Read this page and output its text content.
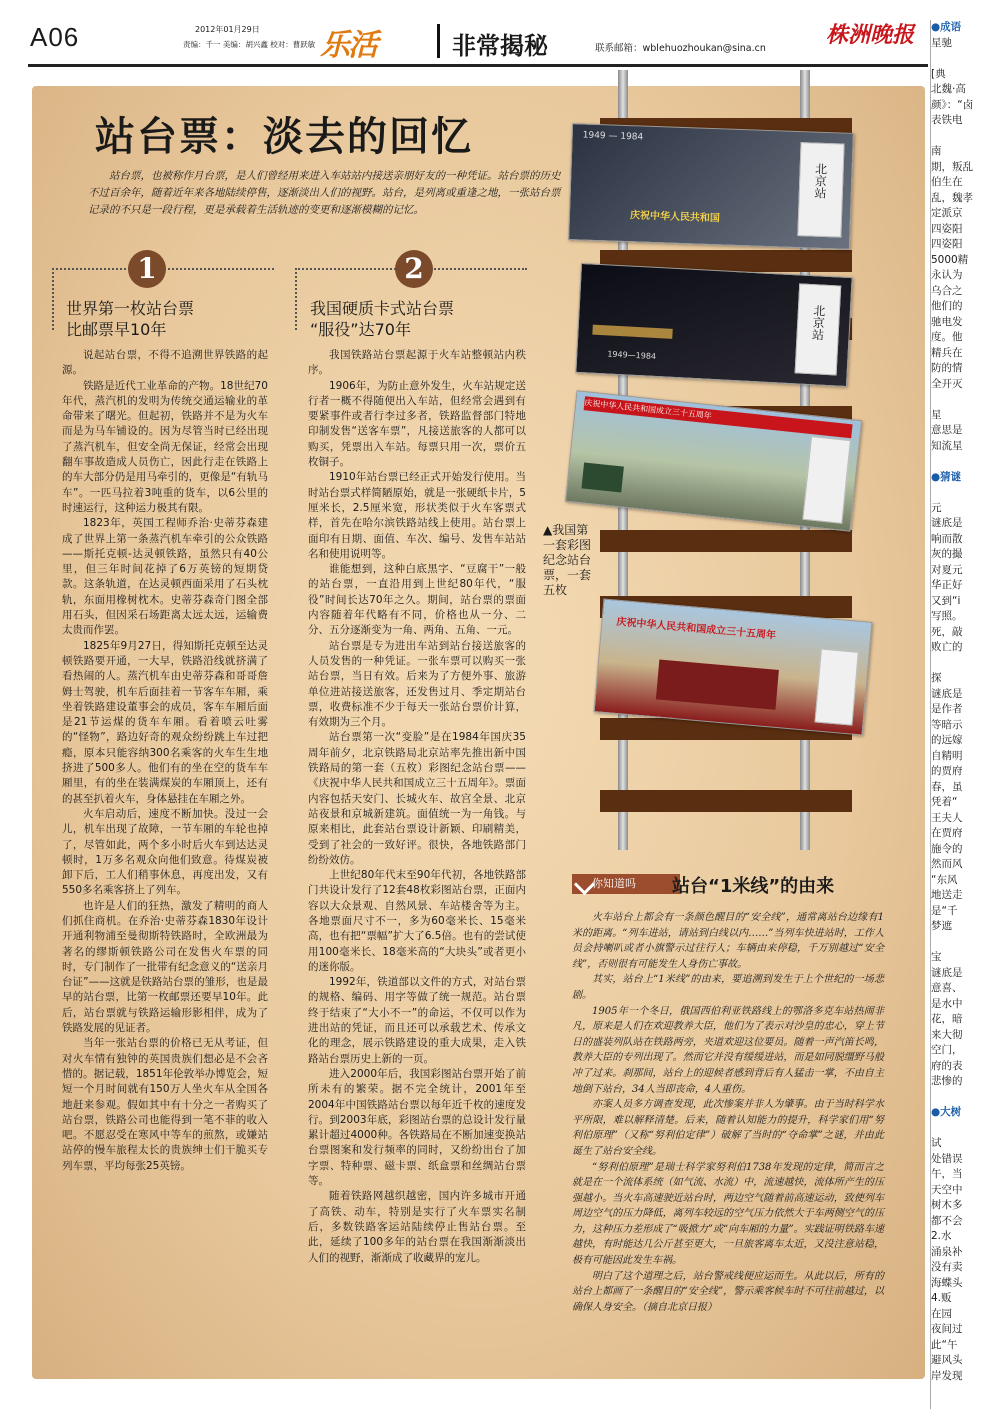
A06	2012年01月29日
责编：千一 美编：胡兴鑫 校对：曹跃敏 乐活	非常揭秘	联系邮箱：wblehuozhoukan@sina.cn
株洲晚报
站台票：淡去的回忆
站台票，也被称作月台票，是人们曾经用来进入车站站内接送亲朋好友的一种凭证。站台票的历史不过百余年，随着近年来各地陆续停售，逐渐淡出人们的视野。站台，是列离或重逢之地，一张站台票记录的不只是一段行程，更是承载着生活轨迹的变更和逐渐模糊的记忆。
1
世界第一枚站台票
比邮票早10年

说起站台票，不得不追溯世界铁路的起源。

铁路是近代工业革命的产物。18世纪70年代，蒸汽机的发明为传统交通运输业的革命带来了曙光。但起初，铁路并不是为火车而是为马车铺设的。因为尽管当时已经出现了蒸汽机车，但安全尚无保证，经常会出现翻车事故造成人员伤亡，因此行走在铁路上的车大部分仍是用马牵引的，更像是“有轨马车”。一匹马拉着3吨重的货车，以6公里的时速运行，这种运力极其有限。

1823年，英国工程师乔治·史蒂芬森建成了世界上第一条蒸汽机车牵引的公众铁路——斯托克顿-达灵顿铁路，虽然只有40公里，但三年时间花掉了6万英镑的短期贷款。这条轨道，在达灵顿西面采用了石头枕轨，东面用橡树枕木。史蒂芬森奇门图全部用石头，但因采石场距离太远太远，运输费太贵而作罢。

1825年9月27日，得知斯托克顿至达灵顿铁路要开通，一大早，铁路沿线就挤满了看热闹的人。蒸汽机车由史蒂芬森和哥哥詹姆士驾驶，机车后面挂着一节客车车厢，乘坐着铁路建设董事会的成员，客车车厢后面是21节运煤的货车车厢。看着喷云吐雾的“怪物”，路边好奇的观众纷纷跳上车过把瘾，原本只能容纳300名乘客的火车生生地挤进了500多人。他们有的坐在空的货车车厢里，有的坐在装满煤炭的车厢顶上，还有的甚至扒着火车，身体悬挂在车厢之外。

火车启动后，速度不断加快。没过一会儿，机车出现了故障，一节车厢的车轮也掉了，尽管如此，两个多小时后火车到达达灵顿时，1万多名观众向他们致意。待煤炭被卸下后，工人们稍事休息，再度出发，又有550多名乘客挤上了列车。

也许是人们的狂热，激发了精明的商人们抓住商机。在乔治·史蒂芬森1830年设计开通利物浦至曼彻斯特铁路时，全欧洲最为著名的缪斯顿铁路公司在发售火车票的同时，专门制作了一批带有纪念意义的“送亲月台证”——这就是铁路站台票的雏形，也是最早的站台票，比第一枚邮票还要早10年。此后，站台票就与铁路运输形影相伴，成为了铁路发展的见证者。

当年一张站台票的价格已无从考证，但对火车情有独钟的英国贵族们想必是不会吝惜的。据记载，1851年伦敦举办博览会，短短一个月时间就有150万人坐火车从全国各地赶来参观。假如其中有十分之一者购买了站台票，铁路公司也能得到一笔不菲的收入吧。不愿忍受在寒风中等车的煎熬，或嫌站站停的慢车旅程太长的贵族绅士们干脆买专列车票，平均每张25英镑。

2
我国硬质卡式站台票
“服役”达70年

我国铁路站台票起源于火车站整顿站内秩序。

1906年，为防止意外发生，火车站规定送行者一概不得随便出入车站，但经常会遇到有要紧事件或者行李过多者，铁路监督部门特地印制发售“送客车票”，凡接送旅客的人都可以购买，凭票出入车站。每票只用一次，票价五枚铜子。

1910年站台票已经正式开始发行使用。当时站台票式样简陋原始，就是一张硬纸卡片，5厘米长，2.5厘米宽，形状类似于火车客票式样，首先在哈尔滨铁路站线上使用。站台票上面印有日期、面值、车次、编号、发售车站站名和使用说明等。

谁能想到，这种白底黑字、“豆腐干”一般的站台票，一直沿用到上世纪80年代，“服役”时间长达70年之久。期间，站台票的票面内容随着年代略有不同，价格也从一分、二分、五分逐渐变为一角、两角、五角、一元。

站台票是专为进出车站到站台接送旅客的人员发售的一种凭证。一张车票可以购买一张站台票，当日有效。后来为了方便外事、旅游单位进站接送旅客，还发售过月、季定期站台票，收费标准不少于每天一张站台票价计算，有效期为三个月。

站台票第一次“变脸”是在1984年国庆35周年前夕，北京铁路局北京站率先推出新中国铁路局的第一套（五枚）彩图纪念站台票——《庆祝中华人民共和国成立三十五周年》。票面内容包括天安门、长城火车、故宫全景、北京站夜景和京城新建筑。面值统一为一角钱。与原来相比，此套站台票设计新颖、印刷精美，受到了社会的一致好评。很快，各地铁路部门纷纷效仿。

上世纪80年代末至90年代初，各地铁路部门共设计发行了12套48枚彩图站台票，正面内容以大众景观、自然风景、车站楼舍等为主。各地票面尺寸不一，多为60毫米长、15毫米高，也有把“票幅”扩大了6.5倍。也有的尝试使用100毫米长、18毫米高的“大块头”或者更小的迷你版。

1992年，铁道部以文件的方式，对站台票的规格、编码、用字等做了统一规范。站台票终于结束了“大小不一”的命运，不仅可以作为进出站的凭证，而且还可以承载艺术、传承文化的理念，展示铁路建设的重大成果，走入铁路站台票历史上新的一页。

进入2000年后，我国彩图站台票开始了前所未有的繁荣。据不完全统计，2001年至2004年中国铁路站台票以每年近千枚的速度发行。到2003年底，彩图站台票的总设计发行量累计超过4000种。各铁路局在不断加速变换站台票图案和发行频率的同时，又纷纷出台了加字票、特种票、磁卡票、纸盒票和丝绸站台票等。

随着铁路网越织越密，国内许多城市开通了高铁、动车，特别是实行了火车票实名制后，多数铁路客运站陆续停止售站台票。至此，延续了100多年的站台票在我国渐渐淡出人们的视野，渐渐成了收藏界的宠儿。

1949 — 1984
庆祝中华人民共和国
北京站
1949—1984
北京站
庆祝中华人民共和国成立三十五周年
庆祝中华人民共和国成立三十五周年
▲我国第一套彩图纪念站台票，一套五枚
你知道吗	站台“1米线”的由来

火车站台上都会有一条颜色醒目的“安全线”，通常离站台边缘有1米的距离。“列车进站，请站到白线以内……”当列车快进站时，工作人员会持喇叭或者小旗警示过往行人；车辆由来停稳，千万别越过“安全线”，否则很有可能发生人身伤亡事故。

其实，站台上“1米线”的由来，要追溯到发生于上个世纪的一场悲剧。

1905年一个冬日，俄国西伯利亚铁路线上的鄂洛多克车站热闹非凡，原来是人们在欢迎教养大臣，他们为了表示对沙皇的忠心，穿上节日的盛装列队站在铁路两旁，夹道欢迎这位要员。随着一声汽笛长鸣，教养大臣的专列出现了。然而它并没有缓缓进站，而是如同脱缰野马般冲了过来。刹那间，站台上的迎候者感到背后有人猛击一掌，不由自主地倒下站台，34人当即丧命，4人重伤。

亦案人员多方调查发现，此次惨案并非人为肇事。由于当时科学水平所限，难以解释清楚。后来，随着认知能力的提升，科学家们用“努利伯原理”（又称“努利伯定律”）破解了当时的“夺命掌”之谜，并由此诞生了站台安全线。

“努利伯原理”是瑞士科学家努利伯1738年发现的定律，简而言之就是在一个流体系统（如气流、水流）中，流速越快，流体所产生的压强越小。当火车高速驶近站台时，两边空气随着前高速运动，致使列车周边空气的压力降低，离列车较远的空气压力依然大于车两侧空气的压力，这种压力差形成了“吸掀力”或“向车厢的力量”。实践证明铁路车速越快，有时能达几公斤甚至更大，一旦旅客离车太近，又没注意站稳，极有可能因此发生车祸。

明白了这个道理之后，站台警戒线便应运而生。从此以后，所有的站台上都画了一条醒目的“安全线”，警示乘客候车时不可往前越过，以确保人身安全。（摘自北京日报）

●成语
星驰

[典
北魏·高
颜》：“卤
表铁电

南
期，叛乱
伯生在
乱，魏孝
定派京
四姿阳
四姿阳
5000精
永认为
乌合之
他们的
驰电发
度。他
精兵在
防的情
全开灭

星
意思是
知流星

●猜谜

元
谜底是
响而散
灰的撮
对夏元
华正好
又到“i
写照。
死，敲
败亡的

探
谜底是
是作者
等暗示
的远嫁
自精明
的贾府
春，虽
凭着“
王夫人
在贾府
施令的
然而风
“东风
地送走
是“千
梦遮

宝
谜底是
意喜、
是水中
花，暗
来大彻
空门，
府的表
悲惨的

●大树

试
处错误
午，当
天空中
树木多
都不会
2.水
涌泉补
没有卖
海蝶头
4.贩
在园
夜间过
此“午
避风头
岸发现
